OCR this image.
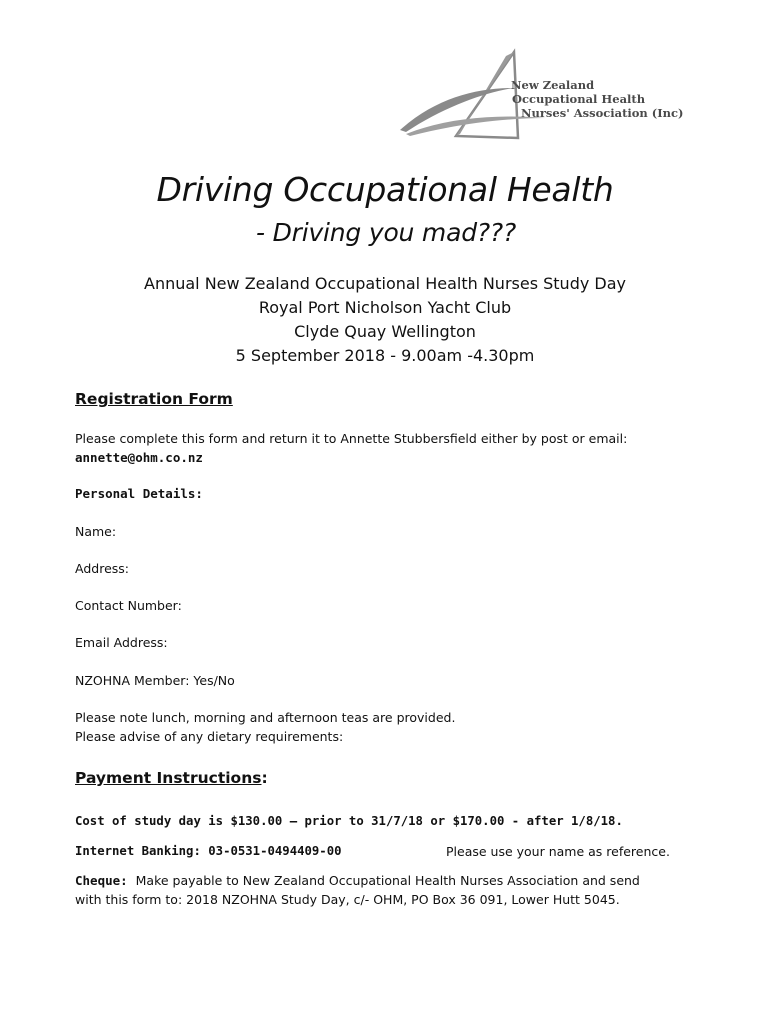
New Zealand
Occupational Health
Nurses' Association (Inc)
Driving Occupational Health
- Driving you mad???
Annual New Zealand Occupational Health Nurses Study Day
Royal Port Nicholson Yacht Club
Clyde Quay Wellington
5 September 2018 - 9.00am -4.30pm
Registration Form
Please complete this form and return it to Annette Stubbersfield either by post or email:
annette@ohm.co.nz
Personal Details:
Name:
Address:
Contact Number:
Email Address:
NZOHNA Member: Yes/No
Please note lunch, morning and afternoon teas are provided.
Please advise of any dietary requirements:
Payment Instructions:
Cost of study day is $130.00 – prior to 31/7/18 or $170.00 - after 1/8/18.
Internet Banking: 03-0531-0494409-00	Please use your name as reference.
Cheque: Make payable to New Zealand Occupational Health Nurses Association and send
with this form to: 2018 NZOHNA Study Day, c/- OHM, PO Box 36 091, Lower Hutt 5045.
